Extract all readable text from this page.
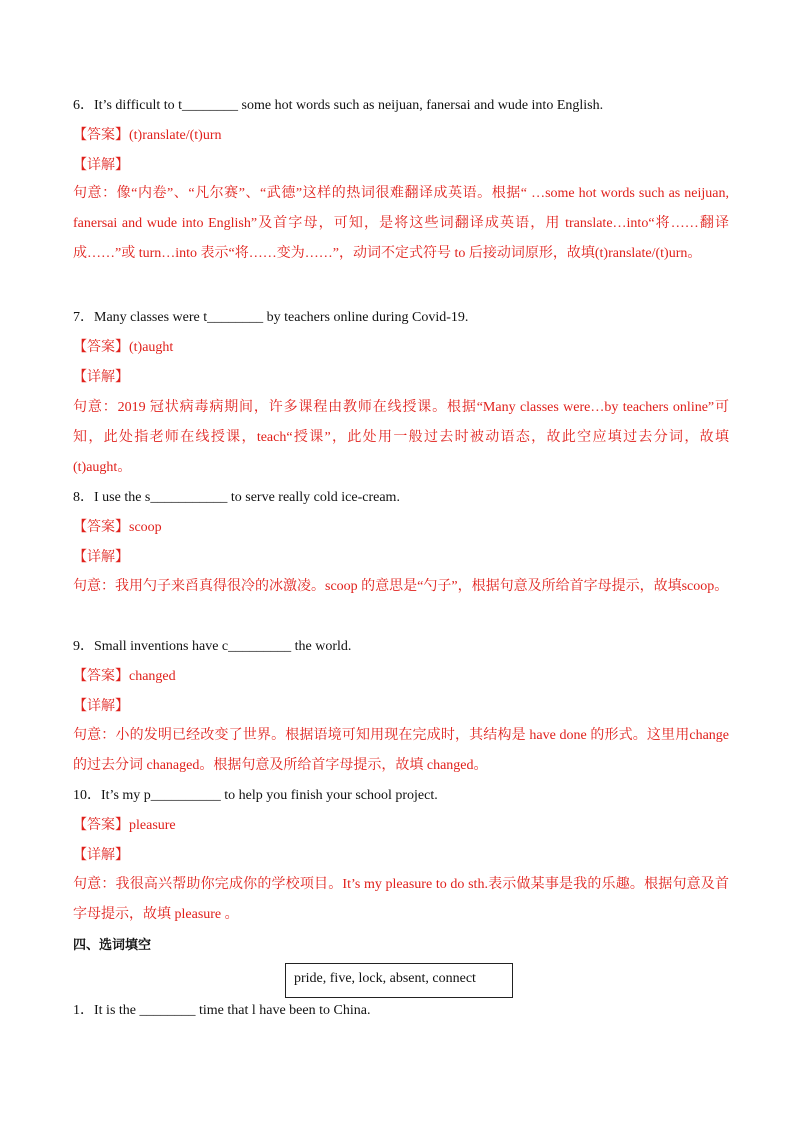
6．It’s difficult to t________ some hot words such as neijuan, fanersai and wude into English.
【答案】(t)ranslate/(t)urn
【详解】
句意：像“内卷”、“凡尔赛”、“武德”这样的热词很难翻译成英语。根据“ …some hot words such as neijuan, fanersai and wude into English”及首字母，可知，是将这些词翻译成英语，用 translate…into“将……翻译成……”或 turn…into 表示“将……变为……”，动词不定式符号 to 后接动词原形，故填(t)ranslate/(t)urn。
7．Many classes were t________ by teachers online during Covid-19.
【答案】(t)aught
【详解】
句意：2019 冠状病毒病期间，许多课程由教师在线授课。根据“Many classes were…by teachers online”可知，此处指老师在线授课，teach“授课”，此处用一般过去时被动语态，故此空应填过去分词，故填(t)aught。
8．I use the s___________ to serve really cold ice-cream.
【答案】scoop
【详解】
句意：我用勺子来舀真得很冷的冰激凌。scoop 的意思是“勺子”，根据句意及所给首字母提示，故填scoop。
9．Small inventions have c_________ the world.
【答案】changed
【详解】
句意：小的发明已经改变了世界。根据语境可知用现在完成时，其结构是 have done 的形式。这里用change 的过去分词 chanaged。根据句意及所给首字母提示，故填 changed。
10．It’s my p__________ to help you finish your school project.
【答案】pleasure
【详解】
句意：我很高兴帮助你完成你的学校项目。It’s my pleasure to do sth.表示做某事是我的乐趣。根据句意及首字母提示，故填 pleasure 。
四、选词填空
pride, five, lock, absent, connect
1．It is the ________ time that l have been to China.
